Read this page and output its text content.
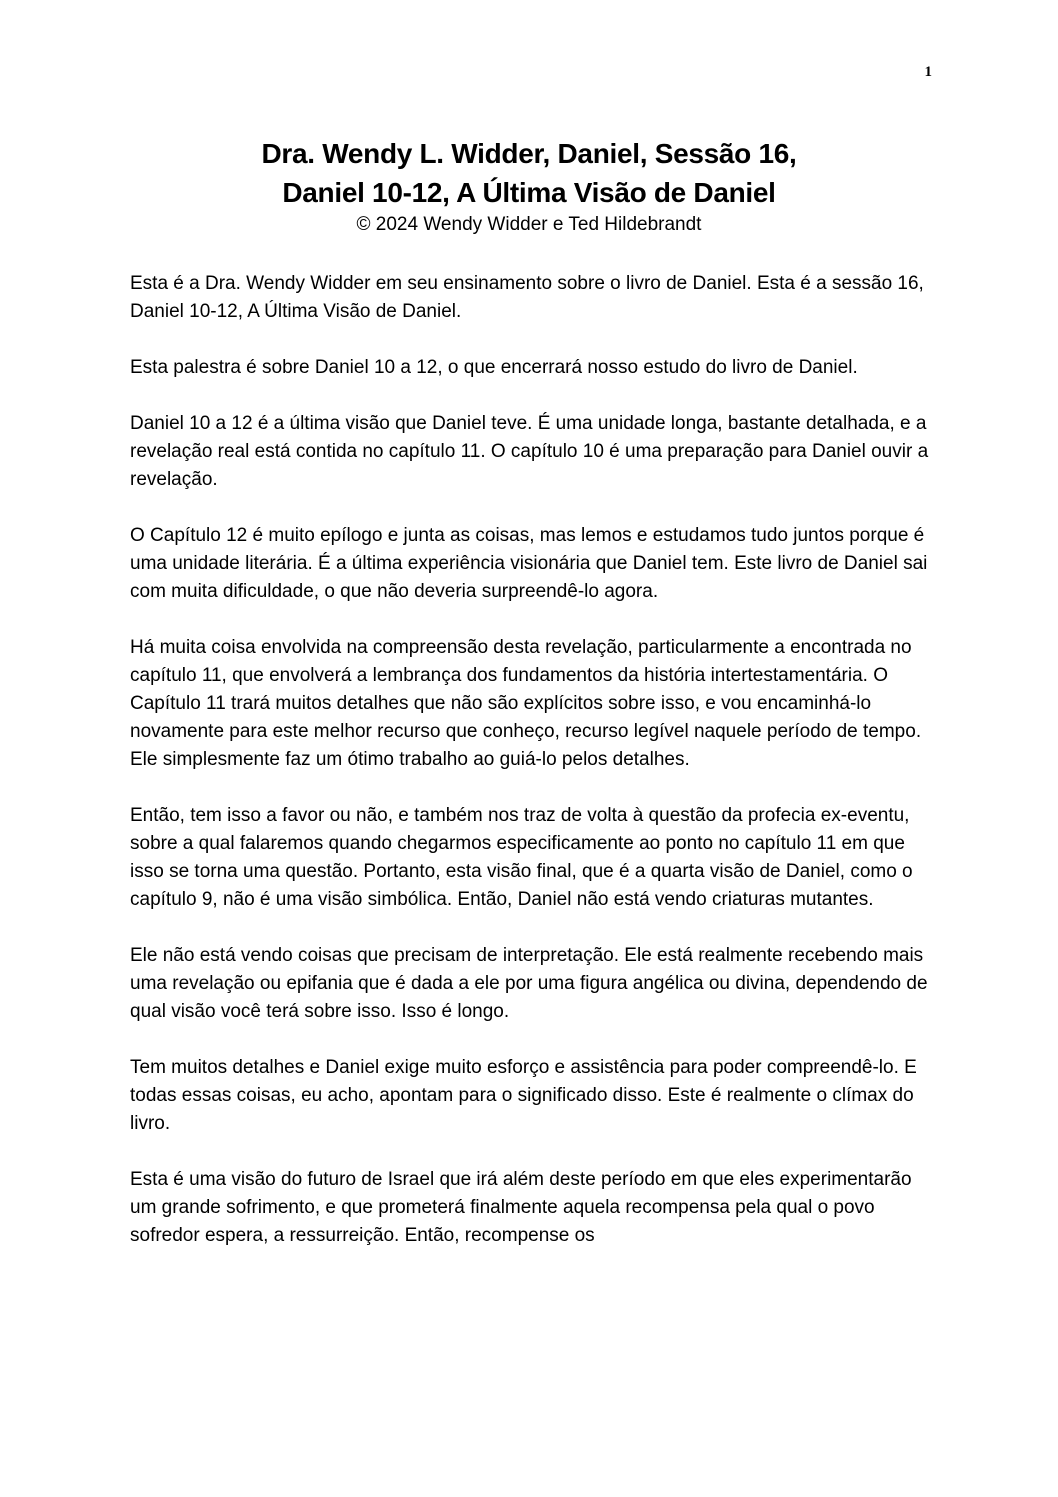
1
Dra. Wendy L. Widder, Daniel, Sessão 16,
Daniel 10-12, A Última Visão de Daniel
© 2024 Wendy Widder e Ted Hildebrandt

Esta é a Dra. Wendy Widder em seu ensinamento sobre o livro de Daniel. Esta é a sessão 16, Daniel 10-12, A Última Visão de Daniel.

Esta palestra é sobre Daniel 10 a 12, o que encerrará nosso estudo do livro de Daniel.

Daniel 10 a 12 é a última visão que Daniel teve. É uma unidade longa, bastante detalhada, e a revelação real está contida no capítulo 11. O capítulo 10 é uma preparação para Daniel ouvir a revelação.

O Capítulo 12 é muito epílogo e junta as coisas, mas lemos e estudamos tudo juntos porque é uma unidade literária. É a última experiência visionária que Daniel tem. Este livro de Daniel sai com muita dificuldade, o que não deveria surpreendê-lo agora.

Há muita coisa envolvida na compreensão desta revelação, particularmente a encontrada no capítulo 11, que envolverá a lembrança dos fundamentos da história intertestamentária. O Capítulo 11 trará muitos detalhes que não são explícitos sobre isso, e vou encaminhá-lo novamente para este melhor recurso que conheço, recurso legível naquele período de tempo. Ele simplesmente faz um ótimo trabalho ao guiá-lo pelos detalhes.

Então, tem isso a favor ou não, e também nos traz de volta à questão da profecia ex-eventu, sobre a qual falaremos quando chegarmos especificamente ao ponto no capítulo 11 em que isso se torna uma questão. Portanto, esta visão final, que é a quarta visão de Daniel, como o capítulo 9, não é uma visão simbólica. Então, Daniel não está vendo criaturas mutantes.

Ele não está vendo coisas que precisam de interpretação. Ele está realmente recebendo mais uma revelação ou epifania que é dada a ele por uma figura angélica ou divina, dependendo de qual visão você terá sobre isso. Isso é longo.

Tem muitos detalhes e Daniel exige muito esforço e assistência para poder compreendê-lo. E todas essas coisas, eu acho, apontam para o significado disso. Este é realmente o clímax do livro.

Esta é uma visão do futuro de Israel que irá além deste período em que eles experimentarão um grande sofrimento, e que prometerá finalmente aquela recompensa pela qual o povo sofredor espera, a ressurreição. Então, recompense os
